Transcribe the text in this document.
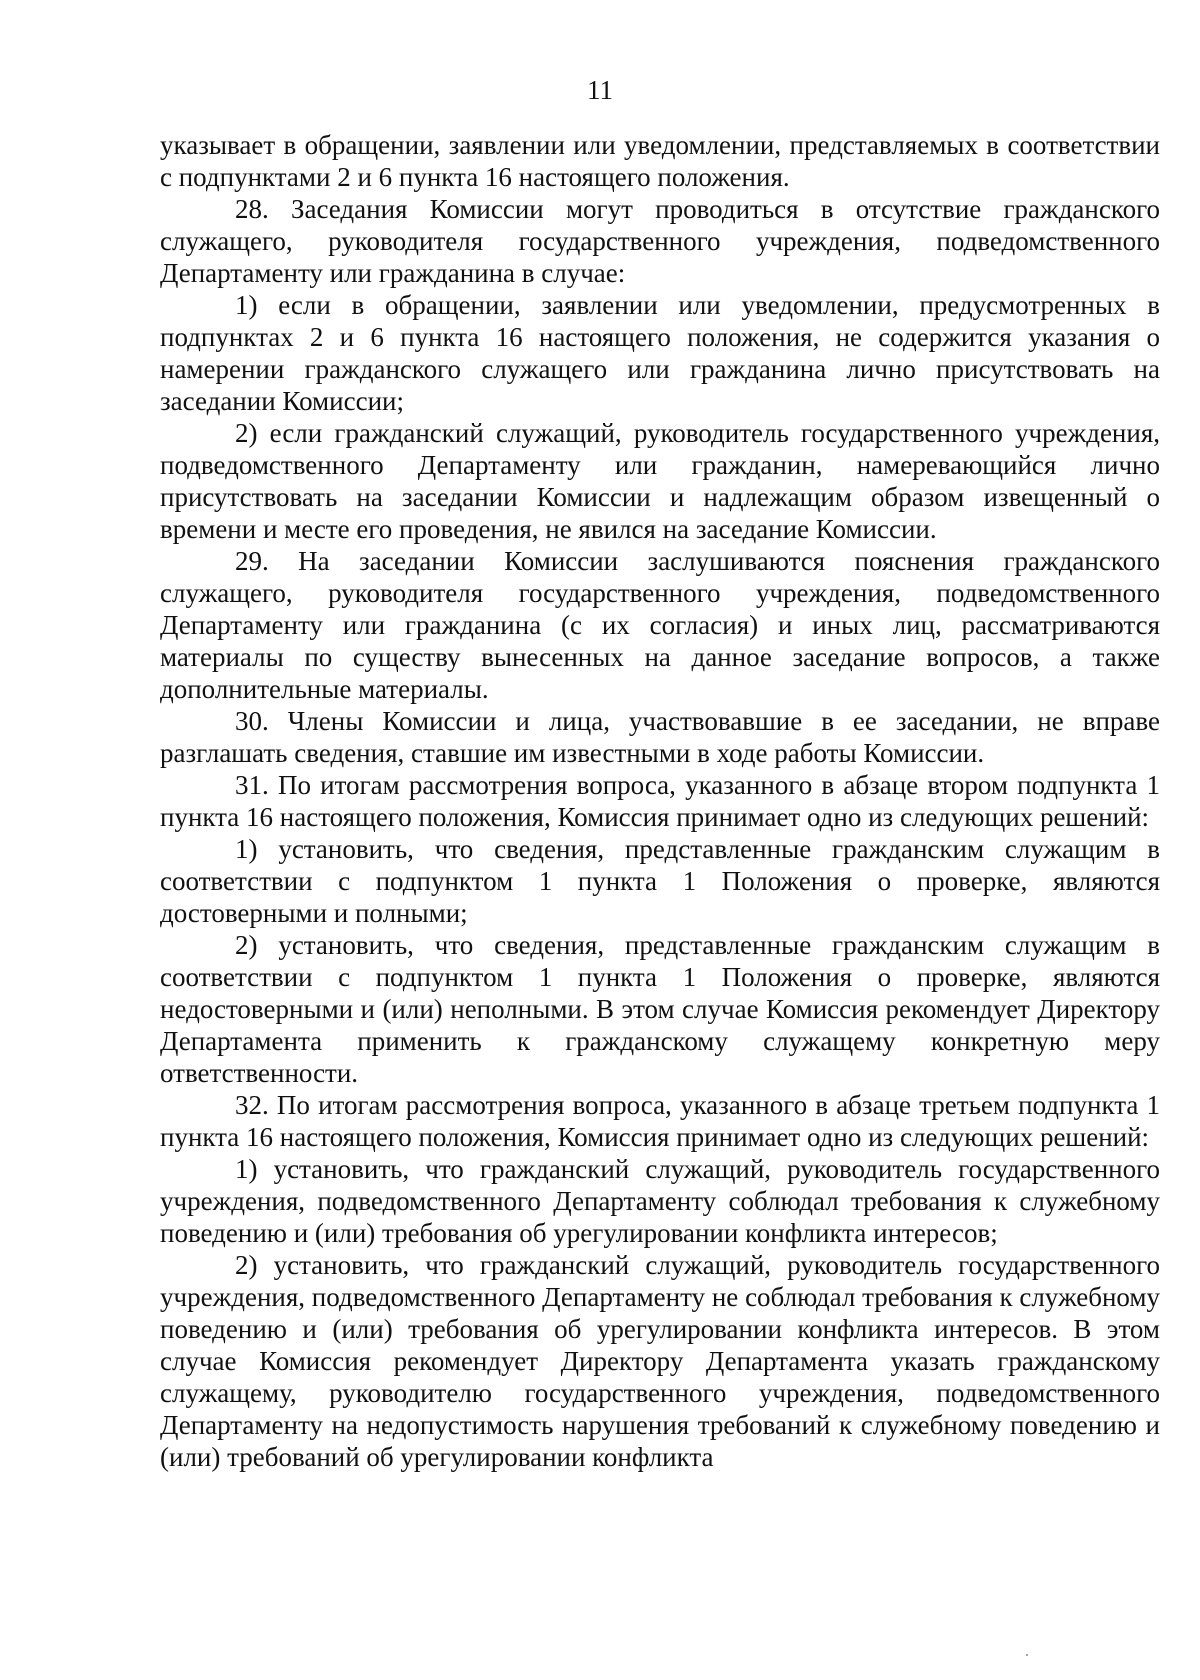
11

указывает в обращении, заявлении или уведомлении, представляемых в соответствии с подпунктами 2 и 6 пункта 16 настоящего положения.

28. Заседания Комиссии могут проводиться в отсутствие гражданского служащего, руководителя государственного учреждения, подведомственного Департаменту или гражданина в случае:

1) если в обращении, заявлении или уведомлении, предусмотренных в подпунктах 2 и 6 пункта 16 настоящего положения, не содержится указания о намерении гражданского служащего или гражданина лично присутствовать на заседании Комиссии;

2) если гражданский служащий, руководитель государственного учреждения, подведомственного Департаменту или гражданин, намеревающийся лично присутствовать на заседании Комиссии и надлежащим образом извещенный о времени и месте его проведения, не явился на заседание Комиссии.

29. На заседании Комиссии заслушиваются пояснения гражданского служащего, руководителя государственного учреждения, подведомственного Департаменту или гражданина (с их согласия) и иных лиц, рассматриваются материалы по существу вынесенных на данное заседание вопросов, а также дополнительные материалы.

30. Члены Комиссии и лица, участвовавшие в ее заседании, не вправе разглашать сведения, ставшие им известными в ходе работы Комиссии.

31. По итогам рассмотрения вопроса, указанного в абзаце втором подпункта 1 пункта 16 настоящего положения, Комиссия принимает одно из следующих решений:

1) установить, что сведения, представленные гражданским служащим в соответствии с подпунктом 1 пункта 1 Положения о проверке, являются достоверными и полными;

2) установить, что сведения, представленные гражданским служащим в соответствии с подпунктом 1 пункта 1 Положения о проверке, являются недостоверными и (или) неполными. В этом случае Комиссия рекомендует Директору Департамента применить к гражданскому служащему конкретную меру ответственности.

32. По итогам рассмотрения вопроса, указанного в абзаце третьем подпункта 1 пункта 16 настоящего положения, Комиссия принимает одно из следующих решений:

1) установить, что гражданский служащий, руководитель государственного учреждения, подведомственного Департаменту соблюдал требования к служебному поведению и (или) требования об урегулировании конфликта интересов;

2) установить, что гражданский служащий, руководитель государственного учреждения, подведомственного Департаменту не соблюдал требования к служебному поведению и (или) требования об урегулировании конфликта интересов. В этом случае Комиссия рекомендует Директору Департамента указать гражданскому служащему, руководителю государственного учреждения, подведомственного Департаменту на недопустимость нарушения требований к служебному поведению и (или) требований об урегулировании конфликта
